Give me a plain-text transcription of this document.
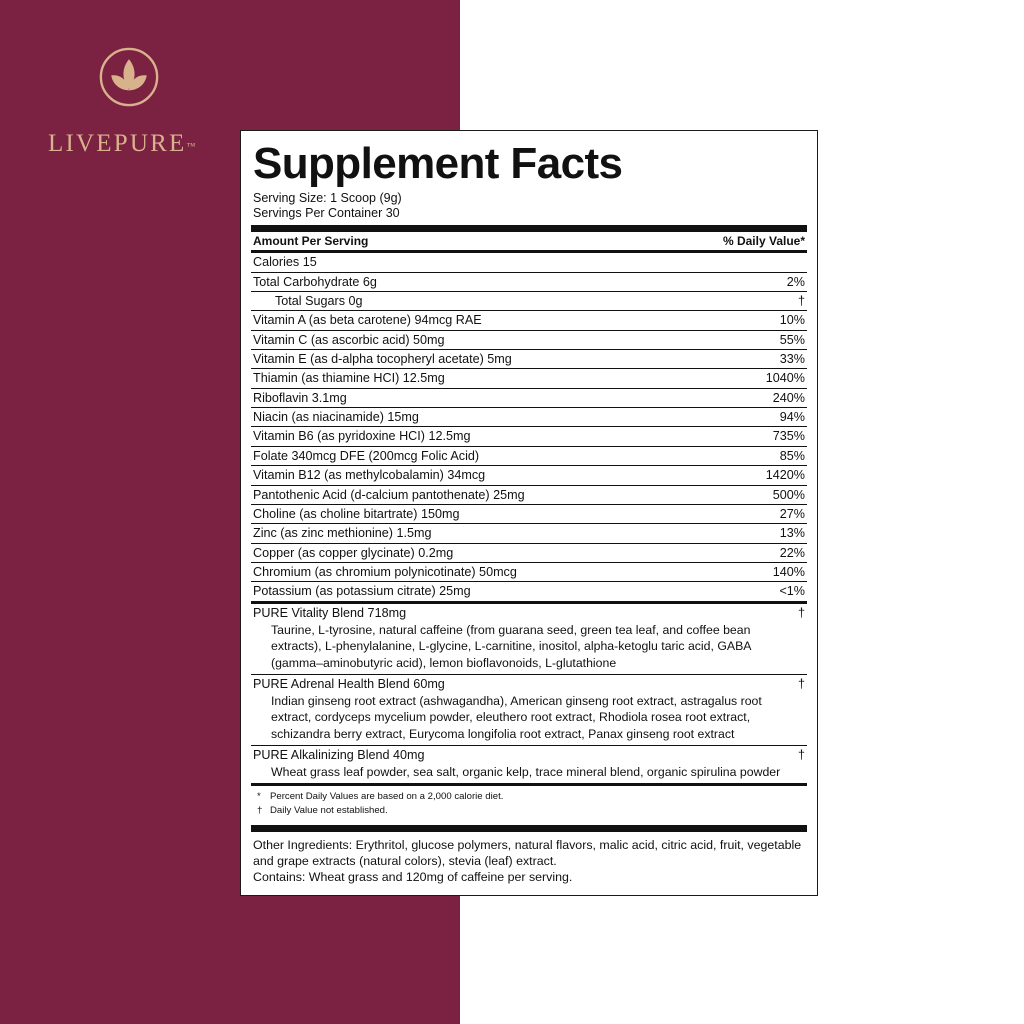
LIVEPURE™	Supplement Facts
Serving Size: 1 Scoop (9g)
Servings Per Container 30
Amount Per Serving	% Daily Value*
Calories 15
Total Carbohydrate 6g	2%
Total Sugars 0g	†
Vitamin A (as beta carotene) 94mcg RAE	10%
Vitamin C (as ascorbic acid) 50mg	55%
Vitamin E (as d-alpha tocopheryl acetate) 5mg	33%
Thiamin (as thiamine HCI) 12.5mg	1040%
Riboflavin 3.1mg	240%
Niacin (as niacinamide) 15mg	94%
Vitamin B6 (as pyridoxine HCI) 12.5mg	735%
Folate 340mcg DFE (200mcg Folic Acid)	85%
Vitamin B12 (as methylcobalamin) 34mcg	1420%
Pantothenic Acid (d-calcium pantothenate) 25mg	500%
Choline (as choline bitartrate) 150mg	27%
Zinc (as zinc methionine) 1.5mg	13%
Copper (as copper glycinate) 0.2mg	22%
Chromium (as chromium polynicotinate) 50mcg	140%
Potassium (as potassium citrate) 25mg	<1%
PURE Vitality Blend 718mg	†
Taurine, L-tyrosine, natural caffeine (from guarana seed, green tea leaf, and coffee bean extracts), L-phenylalanine, L-glycine, L-carnitine, inositol, alpha-ketoglu taric acid, GABA (gamma–aminobutyric acid), lemon bioflavonoids, L-glutathione
PURE Adrenal Health Blend 60mg	†
Indian ginseng root extract (ashwagandha), American ginseng root extract, astragalus root extract, cordyceps mycelium powder, eleuthero root extract, Rhodiola rosea root extract, schizandra berry extract, Eurycoma longifolia root extract, Panax ginseng root extract
PURE Alkalinizing Blend 40mg	†
Wheat grass leaf powder, sea salt, organic kelp, trace mineral blend, organic spirulina powder
* Percent Daily Values are based on a 2,000 calorie diet.
† Daily Value not established.

Other Ingredients: Erythritol, glucose polymers, natural flavors, malic acid, citric acid, fruit, vegetable and grape extracts (natural colors), stevia (leaf) extract.

Contains: Wheat grass and 120mg of caffeine per serving.
